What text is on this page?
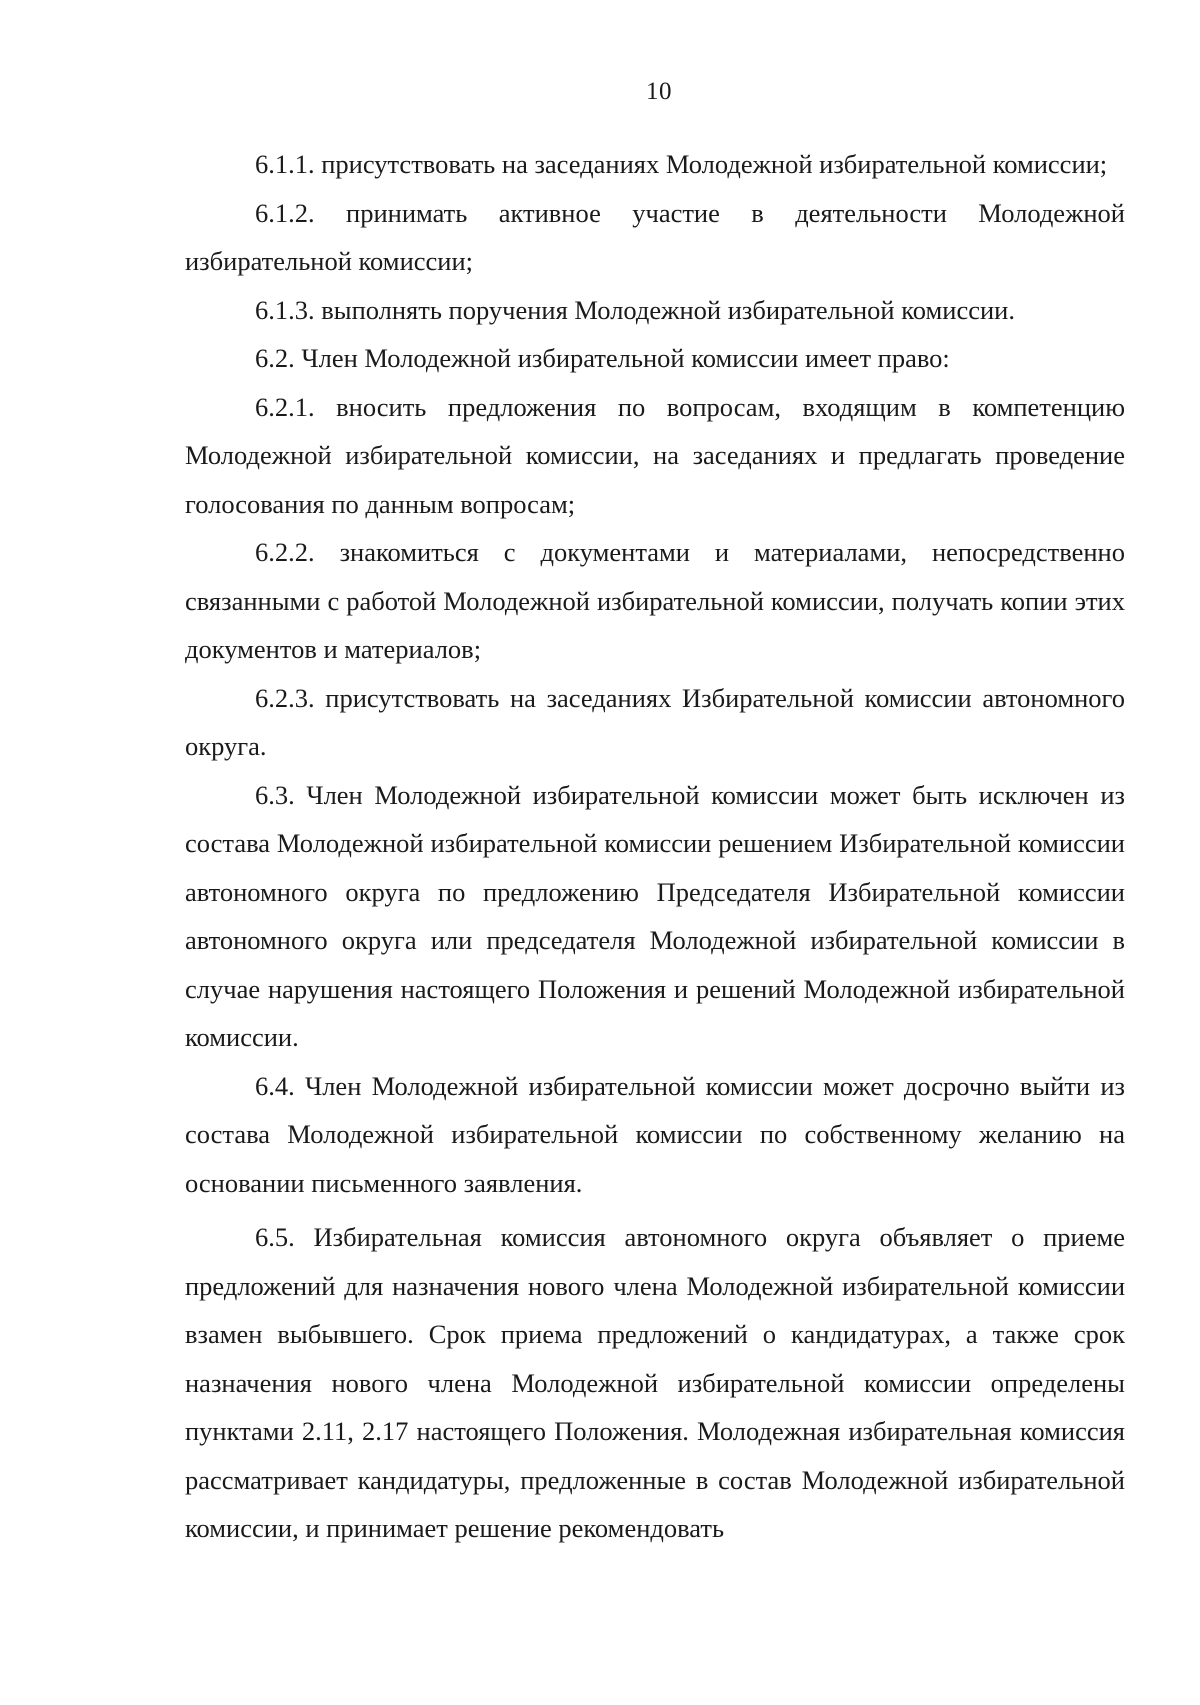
10

6.1.1. присутствовать на заседаниях Молодежной избирательной комиссии;

6.1.2. принимать активное участие в деятельности Молодежной избирательной комиссии;

6.1.3. выполнять поручения Молодежной избирательной комиссии.

6.2. Член Молодежной избирательной комиссии имеет право:

6.2.1. вносить предложения по вопросам, входящим в компетенцию Молодежной избирательной комиссии, на заседаниях и предлагать проведение голосования по данным вопросам;

6.2.2. знакомиться с документами и материалами, непосредственно связанными с работой Молодежной избирательной комиссии, получать копии этих документов и материалов;

6.2.3. присутствовать на заседаниях Избирательной комиссии автономного округа.

6.3. Член Молодежной избирательной комиссии может быть исключен из состава Молодежной избирательной комиссии решением Избирательной комиссии автономного округа по предложению Председателя Избирательной комиссии автономного округа или председателя Молодежной избирательной комиссии в случае нарушения настоящего Положения и решений Молодежной избирательной комиссии.

6.4. Член Молодежной избирательной комиссии может досрочно выйти из состава Молодежной избирательной комиссии по собственному желанию на основании письменного заявления.

6.5. Избирательная комиссия автономного округа объявляет о приеме предложений для назначения нового члена Молодежной избирательной комиссии взамен выбывшего. Срок приема предложений о кандидатурах, а также срок назначения нового члена Молодежной избирательной комиссии определены пунктами 2.11, 2.17 настоящего Положения. Молодежная избирательная комиссия рассматривает кандидатуры, предложенные в состав Молодежной избирательной комиссии, и принимает решение рекомендовать
